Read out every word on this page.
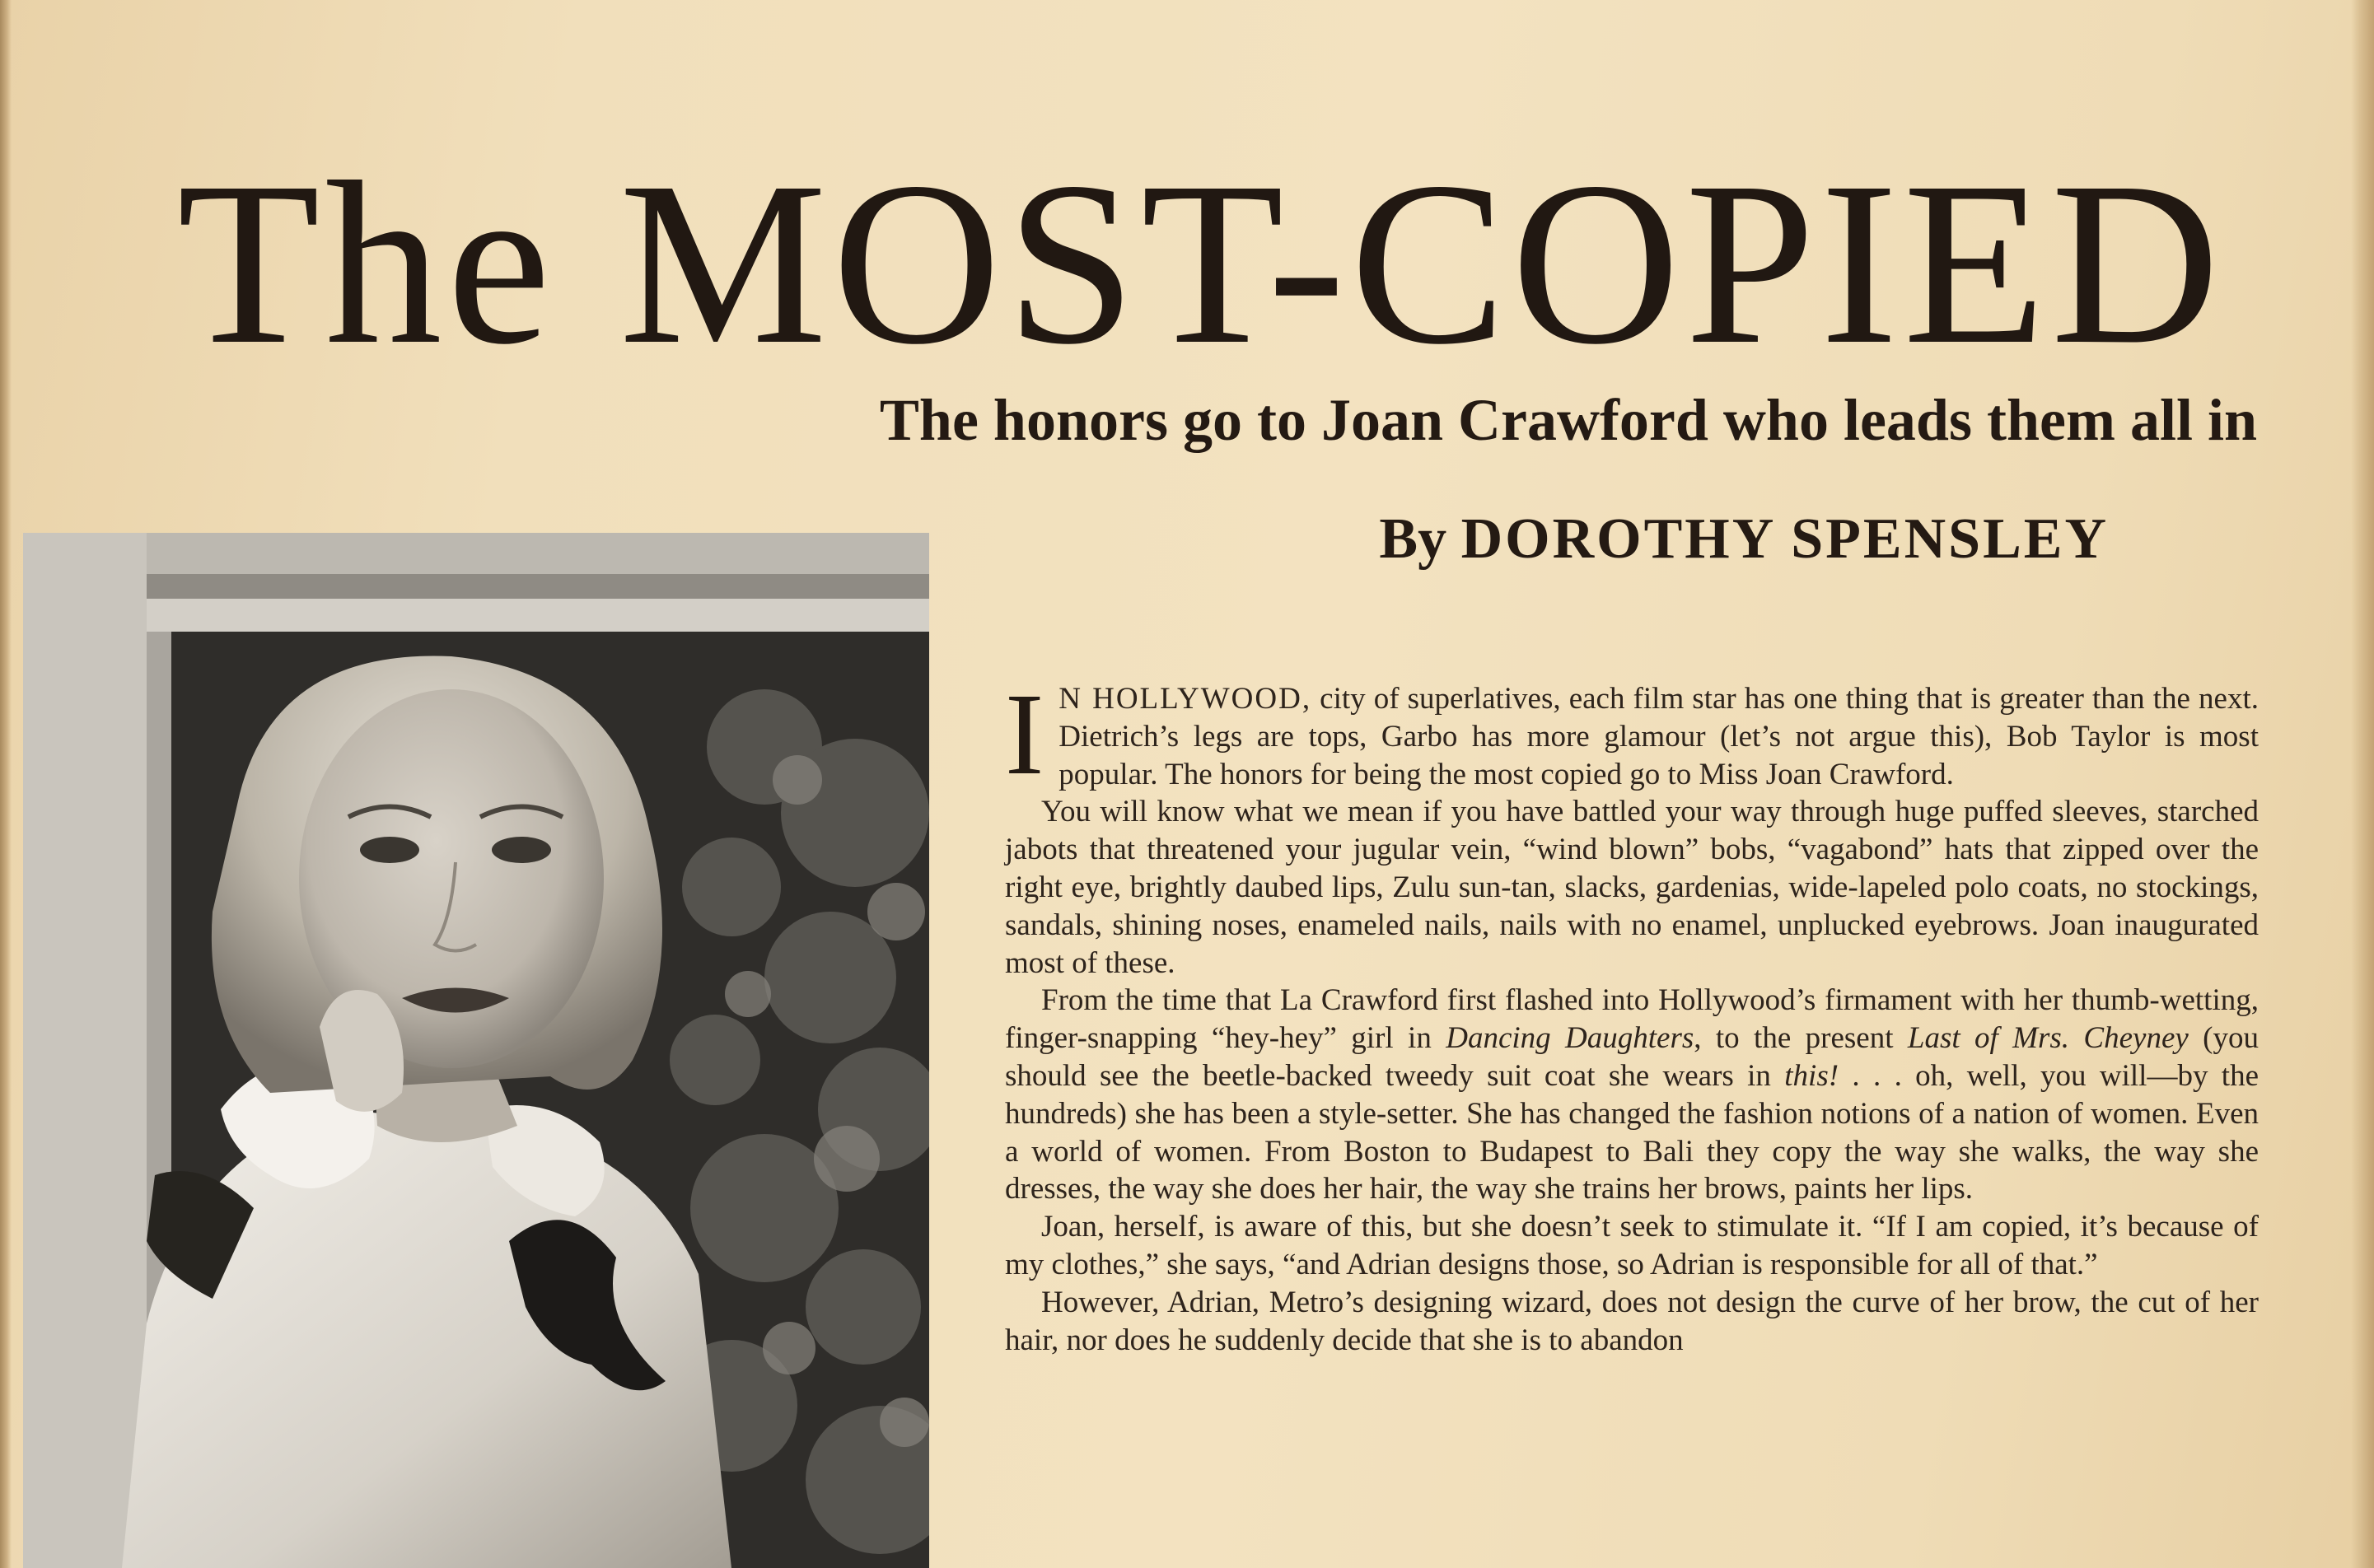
The MOST-COPIED
The honors go to Joan Crawford who leads them all in
By DOROTHY SPENSLEY

I N HOLLYWOOD, city of superlatives, each film star has one thing that is greater than the next. Dietrich’s legs are tops, Garbo has more glamour (let’s not argue this), Bob Taylor is most popular. The honors for being the most copied go to Miss Joan Crawford.

You will know what we mean if you have battled your way through huge puffed sleeves, starched jabots that threatened your jugular vein, “wind blown” bobs, “vagabond” hats that zipped over the right eye, brightly daubed lips, Zulu sun-tan, slacks, gardenias, wide-lapeled polo coats, no stockings, sandals, shining noses, enameled nails, nails with no enamel, unplucked eyebrows. Joan inaugurated most of these.

From the time that La Crawford first flashed into Hollywood’s firmament with her thumb-wetting, finger-snapping “hey-hey” girl in Dancing Daughters, to the present Last of Mrs. Cheyney (you should see the beetle-backed tweedy suit coat she wears in this! . . . oh, well, you will—by the hundreds) she has been a style-setter. She has changed the fashion notions of a nation of women. Even a world of women. From Boston to Budapest to Bali they copy the way she walks, the way she dresses, the way she does her hair, the way she trains her brows, paints her lips.

Joan, herself, is aware of this, but she doesn’t seek to stimulate it. “If I am copied, it’s because of my clothes,” she says, “and Adrian designs those, so Adrian is responsible for all of that.”

However, Adrian, Metro’s designing wizard, does not design the curve of her brow, the cut of her hair, nor does he suddenly decide that she is to abandon
